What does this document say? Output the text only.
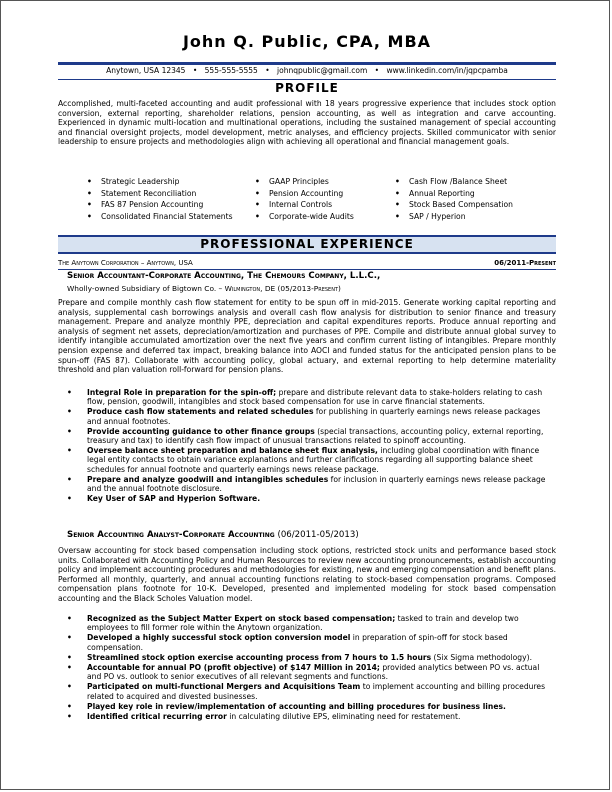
John Q. Public, CPA, MBA
Anytown, USA 12345 • 555-555-5555 • johnqpublic@gmail.com • www.linkedin.com/in/jqpcpamba
PROFILE
Accomplished, multi-faceted accounting and audit professional with 18 years progressive experience that includes stock option conversion, external reporting, shareholder relations, pension accounting, as well as integration and carve accounting. Experienced in dynamic multi-location and multinational operations, including the sustained management of special accounting and financial oversight projects, model development, metric analyses, and efficiency projects. Skilled communicator with senior leadership to ensure projects and methodologies align with achieving all operational and financial management goals.
• Strategic Leadership
• Statement Reconciliation
• FAS 87 Pension Accounting
• Consolidated Financial Statements
• GAAP Principles
• Pension Accounting
• Internal Controls
• Corporate-wide Audits
• Cash Flow /Balance Sheet
• Annual Reporting
• Stock Based Compensation
• SAP / Hyperion
PROFESSIONAL EXPERIENCE
The Anytown Corporation – Anytown, USA	06/2011-Present
Senior Accountant-Corporate Accounting, The Chemours Company, L.L.C.,
Wholly-owned Subsidiary of Bigtown Co. – Wilmington, DE (05/2013-Present)
Prepare and compile monthly cash flow statement for entity to be spun off in mid-2015. Generate working capital reporting and analysis, supplemental cash borrowings analysis and overall cash flow analysis for distribution to senior finance and treasury management. Prepare and analyze monthly PPE, depreciation and capital expenditures reports. Produce annual reporting and analysis of segment net assets, depreciation/amortization and purchases of PPE. Compile and distribute annual global survey to identify intangible accumulated amortization over the next five years and confirm current listing of intangibles. Prepare monthly pension expense and deferred tax impact, breaking balance into AOCI and funded status for the anticipated pension plans to be spun-off (FAS 87). Collaborate with accounting policy, global actuary, and external reporting to help determine materiality threshold and plan valuation roll-forward for pension plans.
• Integral Role in preparation for the spin-off; prepare and distribute relevant data to stake-holders relating to cash flow, pension, goodwill, intangibles and stock based compensation for use in carve financial statements.
• Produce cash flow statements and related schedules for publishing in quarterly earnings news release packages and annual footnotes.
• Provide accounting guidance to other finance groups (special transactions, accounting policy, external reporting, treasury and tax) to identify cash flow impact of unusual transactions related to spinoff accounting.
• Oversee balance sheet preparation and balance sheet flux analysis, including global coordination with finance legal entity contacts to obtain variance explanations and further clarifications regarding all supporting balance sheet schedules for annual footnote and quarterly earnings news release package.
• Prepare and analyze goodwill and intangibles schedules for inclusion in quarterly earnings news release package and the annual footnote disclosure.
• Key User of SAP and Hyperion Software.
Senior Accounting Analyst-Corporate Accounting (06/2011-05/2013)
Oversaw accounting for stock based compensation including stock options, restricted stock units and performance based stock units. Collaborated with Accounting Policy and Human Resources to review new accounting pronouncements, establish accounting policy and implement accounting procedures and methodologies for existing, new and emerging compensation and benefit plans. Performed all monthly, quarterly, and annual accounting functions relating to stock-based compensation programs. Composed compensation plans footnote for 10-K. Developed, presented and implemented modeling for stock based compensation accounting and the Black Scholes Valuation model.
• Recognized as the Subject Matter Expert on stock based compensation; tasked to train and develop two employees to fill former role within the Anytown organization.
• Developed a highly successful stock option conversion model in preparation of spin-off for stock based compensation.
• Streamlined stock option exercise accounting process from 7 hours to 1.5 hours (Six Sigma methodology).
• Accountable for annual PO (profit objective) of $147 Million in 2014; provided analytics between PO vs. actual and PO vs. outlook to senior executives of all relevant segments and functions.
• Participated on multi-functional Mergers and Acquisitions Team to implement accounting and billing procedures related to acquired and divested businesses.
• Played key role in review/implementation of accounting and billing procedures for business lines.
• Identified critical recurring error in calculating dilutive EPS, eliminating need for restatement.
